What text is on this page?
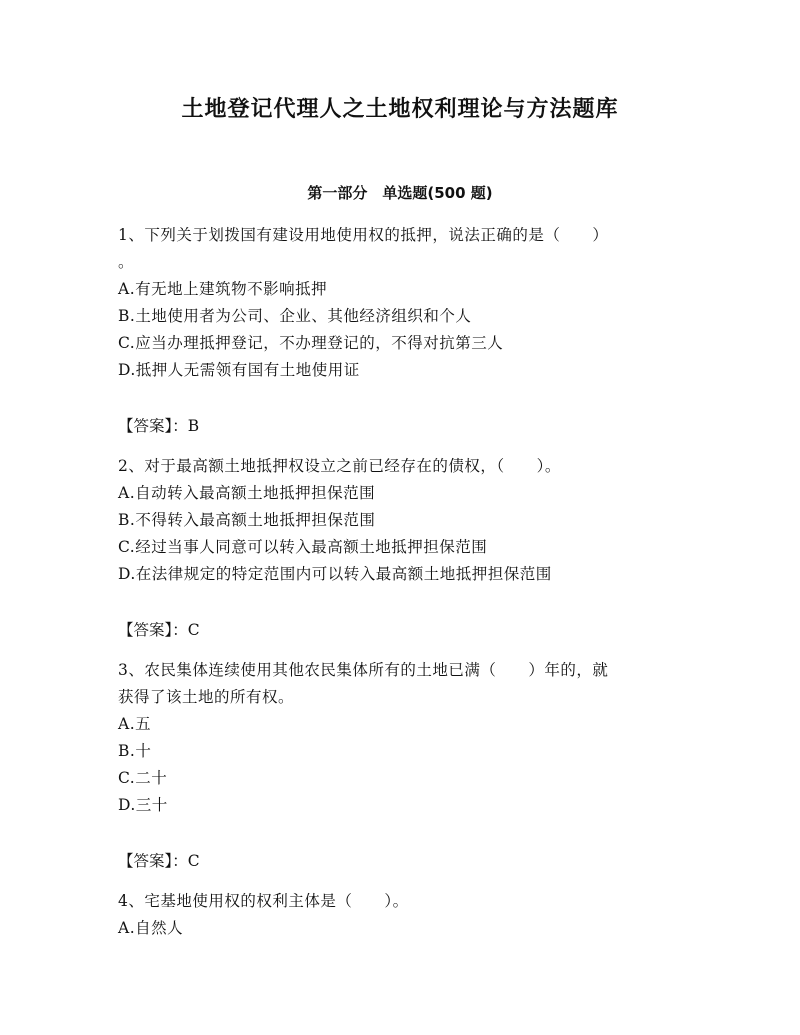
土地登记代理人之土地权利理论与方法题库
第一部分　单选题(500 题)
1、下列关于划拨国有建设用地使用权的抵押，说法正确的是（　　）
。
A.有无地上建筑物不影响抵押
B.土地使用者为公司、企业、其他经济组织和个人
C.应当办理抵押登记，不办理登记的，不得对抗第三人
D.抵押人无需领有国有土地使用证
【答案】：B
2、对于最高额土地抵押权设立之前已经存在的债权，（　　）。
A.自动转入最高额土地抵押担保范围
B.不得转入最高额土地抵押担保范围
C.经过当事人同意可以转入最高额土地抵押担保范围
D.在法律规定的特定范围内可以转入最高额土地抵押担保范围
【答案】：C
3、农民集体连续使用其他农民集体所有的土地已满（　　）年的，就
获得了该土地的所有权。
A.五
B.十
C.二十
D.三十
【答案】：C
4、宅基地使用权的权利主体是（　　）。
A.自然人
